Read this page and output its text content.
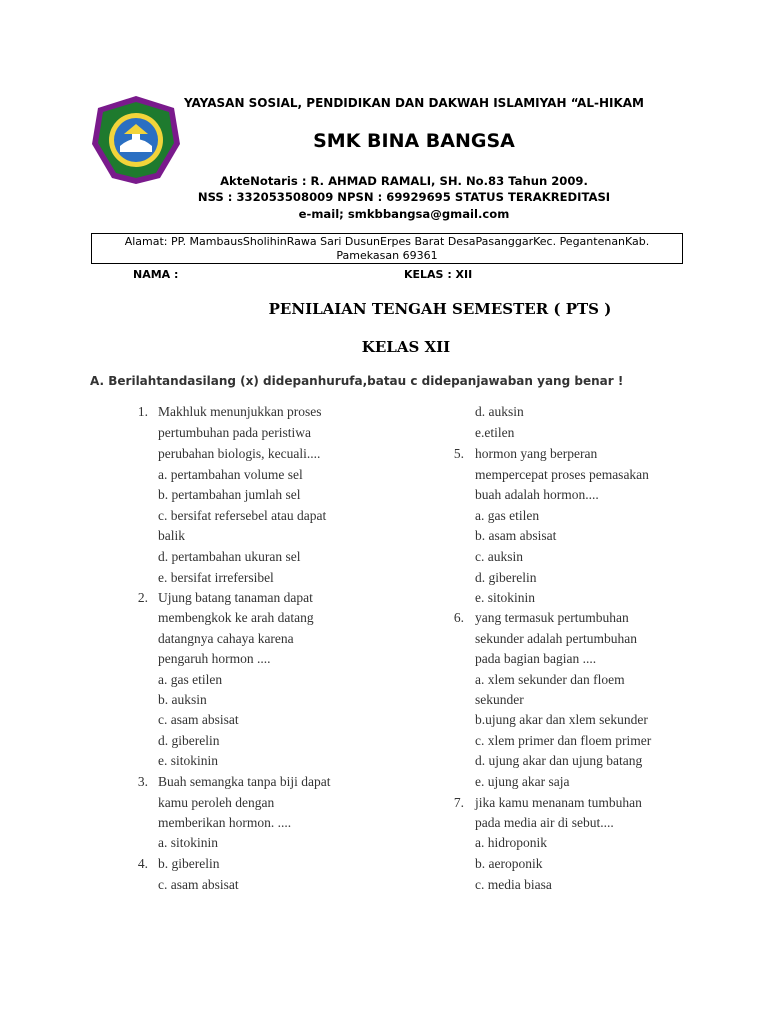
YAYASAN SOSIAL, PENDIDIKAN DAN DAKWAH ISLAMIYAH “AL-HIKAM
SMK BINA BANGSA
AkteNotaris : R. AHMAD RAMALI, SH. No.83 Tahun 2009.
NSS : 332053508009 NPSN : 69929695 STATUS TERAKREDITASI
e-mail; smkbbangsa@gmail.com
Alamat: PP. MambausSholihinRawa Sari DusunErpes Barat DesaPasanggarKec. PegantenanKab.
Pamekasan 69361
NAMA :	KELAS : XII
PENILAIAN TENGAH SEMESTER ( PTS )
KELAS XII
A. Berilahtandasilang (x) didepanhurufa,batau c didepanjawaban yang benar !
1. Makhluk menunjukkan proses
pertumbuhan pada peristiwa
perubahan biologis, kecuali....
a. pertambahan volume sel
b. pertambahan jumlah sel
c. bersifat refersebel atau dapat
balik
d. pertambahan ukuran sel
e. bersifat irrefersibel
2. Ujung batang tanaman dapat
membengkok ke arah datang
datangnya cahaya karena
pengaruh hormon ....
a. gas etilen
b. auksin
c. asam absisat
d. giberelin
e. sitokinin
3. Buah semangka tanpa biji dapat
kamu peroleh dengan
memberikan hormon. ....
a. sitokinin
4. b. giberelin
c. asam absisat
d. auksin
e.etilen
5. hormon yang berperan
mempercepat proses pemasakan
buah adalah hormon....
a. gas etilen
b. asam absisat
c. auksin
d. giberelin
e. sitokinin
6. yang termasuk pertumbuhan
sekunder adalah pertumbuhan
pada bagian bagian ....
a. xlem sekunder dan floem
sekunder
b.ujung akar dan xlem sekunder
c. xlem primer dan floem primer
d. ujung akar dan ujung batang
e. ujung akar saja
7. jika kamu menanam tumbuhan
pada media air di sebut....
a. hidroponik
b. aeroponik
c. media biasa
